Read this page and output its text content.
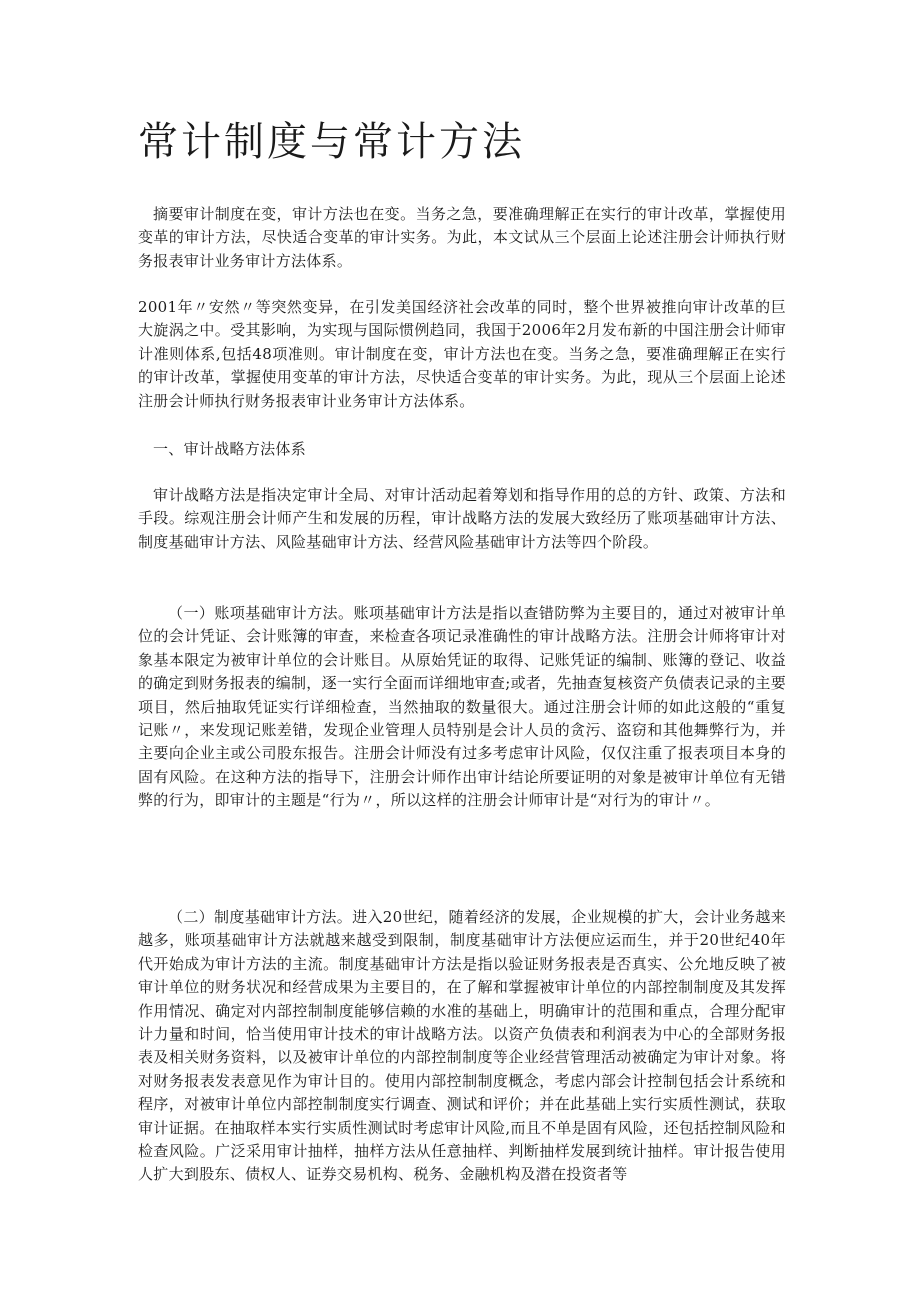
常计制度与常计方法

摘要审计制度在变，审计方法也在变。当务之急，要准确理解正在实行的审计改革，掌握使用变革的审计方法，尽快适合变革的审计实务。为此，本文试从三个层面上论述注册会计师执行财务报表审计业务审计方法体系。

2001年〃安然〃等突然变异，在引发美国经济社会改革的同时，整个世界被推向审计改革的巨大旋涡之中。受其影响，为实现与国际惯例趋同，我国于2006年2月发布新的中国注册会计师审计准则体系,包括48项准则。审计制度在变，审计方法也在变。当务之急，要准确理解正在实行的审计改革，掌握使用变革的审计方法，尽快适合变革的审计实务。为此，现从三个层面上论述注册会计师执行财务报表审计业务审计方法体系。

一、审计战略方法体系

审计战略方法是指决定审计全局、对审计活动起着筹划和指导作用的总的方针、政策、方法和手段。综观注册会计师产生和发展的历程，审计战略方法的发展大致经历了账项基础审计方法、制度基础审计方法、风险基础审计方法、经营风险基础审计方法等四个阶段。

（一）账项基础审计方法。账项基础审计方法是指以查错防弊为主要目的，通过对被审计单位的会计凭证、会计账簿的审查，来检查各项记录准确性的审计战略方法。注册会计师将审计对象基本限定为被审计单位的会计账目。从原始凭证的取得、记账凭证的编制、账簿的登记、收益的确定到财务报表的编制，逐一实行全面而详细地审查;或者，先抽查复核资产负债表记录的主要项目，然后抽取凭证实行详细检查，当然抽取的数量很大。通过注册会计师的如此这般的“重复记账〃，来发现记账差错，发现企业管理人员特别是会计人员的贪污、盗窃和其他舞弊行为，并主要向企业主或公司股东报告。注册会计师没有过多考虑审计风险，仅仅注重了报表项目本身的固有风险。在这种方法的指导下，注册会计师作出审计结论所要证明的对象是被审计单位有无错弊的行为，即审计的主题是“行为〃，所以这样的注册会计师审计是“对行为的审计〃。

（二）制度基础审计方法。进入20世纪，随着经济的发展，企业规模的扩大，会计业务越来越多，账项基础审计方法就越来越受到限制，制度基础审计方法便应运而生，并于20世纪40年代开始成为审计方法的主流。制度基础审计方法是指以验证财务报表是否真实、公允地反映了被审计单位的财务状况和经营成果为主要目的，在了解和掌握被审计单位的内部控制制度及其发挥作用情况、确定对内部控制制度能够信赖的水准的基础上，明确审计的范围和重点，合理分配审计力量和时间，恰当使用审计技术的审计战略方法。以资产负债表和利润表为中心的全部财务报表及相关财务资料，以及被审计单位的内部控制制度等企业经营管理活动被确定为审计对象。将对财务报表发表意见作为审计目的。使用内部控制制度概念，考虑内部会计控制包括会计系统和程序，对被审计单位内部控制制度实行调查、测试和评价；并在此基础上实行实质性测试，获取审计证据。在抽取样本实行实质性测试时考虑审计风险,而且不单是固有风险，还包括控制风险和检查风险。广泛采用审计抽样，抽样方法从任意抽样、判断抽样发展到统计抽样。审计报告使用人扩大到股东、债权人、证券交易机构、税务、金融机构及潜在投资者等
